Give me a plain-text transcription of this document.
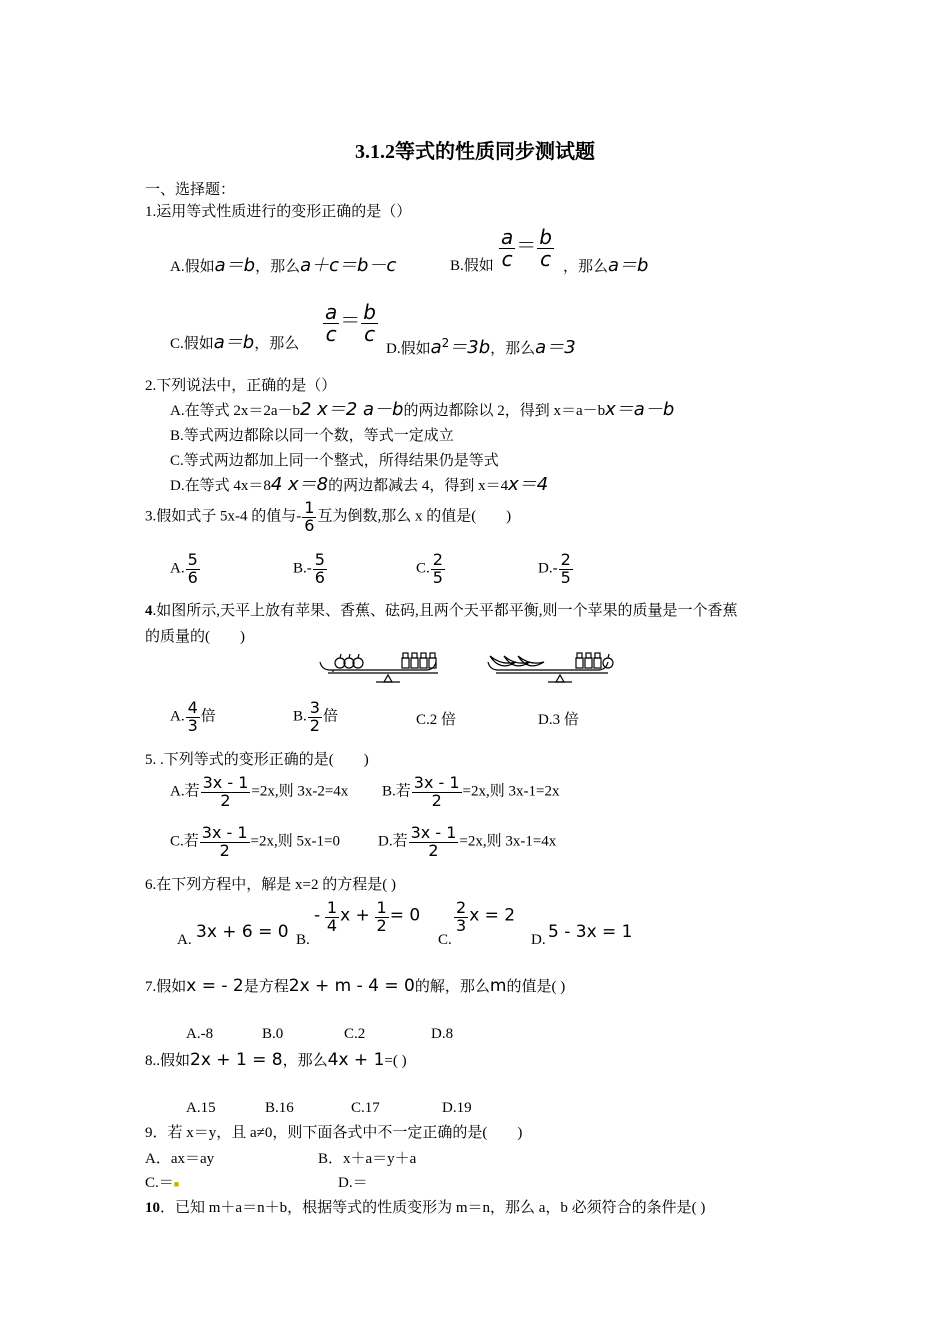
3.1.2等式的性质同步测试题
一、选择题：
1.运用等式性质进行的变形正确的是（）
A.假如a＝b，那么a＋c＝b－c	B.假如 $\frac{a}{c} = \frac{b}{c}$ ，那么a＝b
C.假如a＝b，那么 $\frac{a}{c} = \frac{b}{c}$
D.假如$a^2=3b$，那么a＝3
2.下列说法中，正确的是（）
A.在等式 2x＝2a－b2 x＝2 a－b的两边都除以 2，得到 x＝a－bx＝a－b
B.等式两边都除以同一个数，等式一定成立
C.等式两边都加上同一个整式，所得结果仍是等式
D.在等式 4x＝84 x＝8的两边都减去 4，得到 x＝4x＝4
3.假如式子 5x-4 的值与- $\frac{1}{6}$ 互为倒数,那么 x 的值是(　　)
A. $\frac{5}{6}$	$B.- \frac{5}{6}$	C. $\frac{2}{5}$	$D.- \frac{2}{5}$
4.如图所示,天平上放有苹果、香蕉、砝码,且两个天平都平衡,则一个苹果的质量是一个香蕉
的质量的(　　)
A. $\frac{4}{3}$ 倍	B. $\frac{3}{2}$ 倍	C.2 倍	D.3 倍
5. .下列等式的变形正确的是(　　)
A.若 $\frac{3x - 1}{2} =2x$,则 3x-2=4x B.若 $\frac{3x - 1}{2} =2x$,则 3x-1=2x
C.若 $\frac{3x - 1}{2} =2x$,则 5x-1=0	D.若 $\frac{3x - 1}{2} =2x$,则 3x-1=4x
6.在下列方程中，解是 x=2 的方程是( )
A. 3x + 6 = 0 B.
- $\frac{1}{4}$ $x + \frac{1}{2} = 0$
C.
$\frac{2}{3}$ x = 2
D. 5 - 3x = 1
7.假如x = - 2是方程2x + m - 4 = 0的解，那么m的值是( )
A.-8	B.0	C.2	D.8
8..假如2x + 1 = 8，那么4x + 1=( )
A.15	B.16	C.17	D.19
9．若 x＝y，且 a≠0，则下面各式中不一定正确的是(　　)
A．ax＝ay	B．x＋a＝y＋a
C.＝■	D.＝
10．已知 m＋a＝n＋b，根据等式的性质变形为 m＝n，那么 a，b 必须符合的条件是( )
